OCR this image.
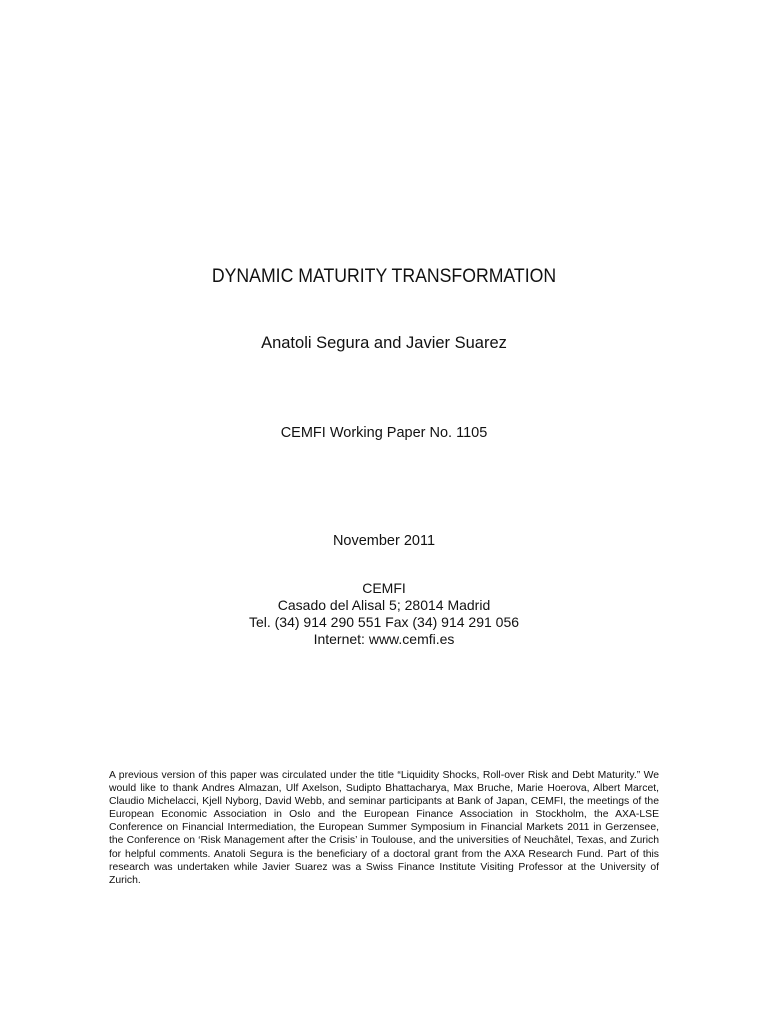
DYNAMIC MATURITY TRANSFORMATION
Anatoli Segura and Javier Suarez
CEMFI Working Paper No. 1105
November 2011
CEMFI
Casado del Alisal 5; 28014 Madrid
Tel. (34) 914 290 551 Fax (34) 914 291 056
Internet: www.cemfi.es
A previous version of this paper was circulated under the title “Liquidity Shocks, Roll-over Risk and Debt Maturity.” We would like to thank Andres Almazan, Ulf Axelson, Sudipto Bhattacharya, Max Bruche, Marie Hoerova, Albert Marcet, Claudio Michelacci, Kjell Nyborg, David Webb, and seminar participants at Bank of Japan, CEMFI, the meetings of the European Economic Association in Oslo and the European Finance Association in Stockholm, the AXA-LSE Conference on Financial Intermediation, the European Summer Symposium in Financial Markets 2011 in Gerzensee, the Conference on ‘Risk Management after the Crisis’ in Toulouse, and the universities of Neuchâtel, Texas, and Zurich for helpful comments. Anatoli Segura is the beneficiary of a doctoral grant from the AXA Research Fund. Part of this research was undertaken while Javier Suarez was a Swiss Finance Institute Visiting Professor at the University of Zurich.
